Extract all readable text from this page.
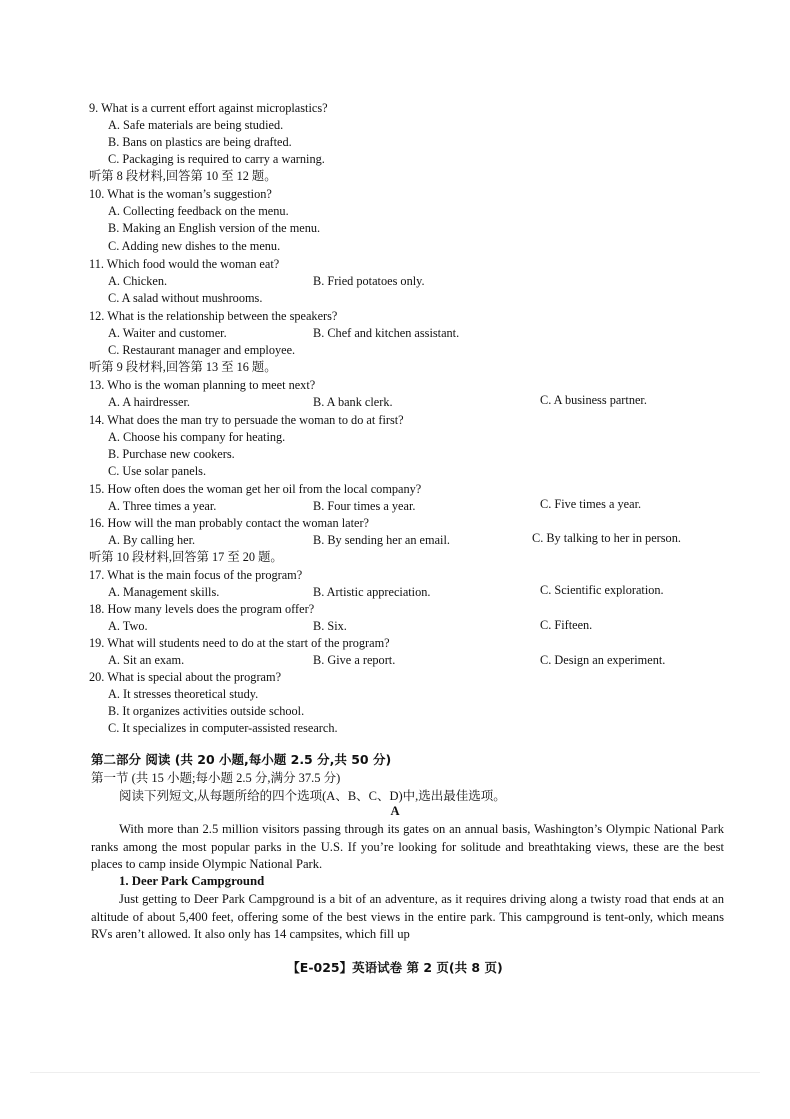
9. What is a current effort against microplastics?
A. Safe materials are being studied.
B. Bans on plastics are being drafted.
C. Packaging is required to carry a warning.
听第 8 段材料,回答第 10 至 12 题。
10. What is the woman’s suggestion?
A. Collecting feedback on the menu.
B. Making an English version of the menu.
C. Adding new dishes to the menu.
11. Which food would the woman eat?
A. Chicken.	B. Fried potatoes only.
C. A salad without mushrooms.
12. What is the relationship between the speakers?
A. Waiter and customer.	B. Chef and kitchen assistant.
C. Restaurant manager and employee.
听第 9 段材料,回答第 13 至 16 题。
13. Who is the woman planning to meet next?
A. A hairdresser.	B. A bank clerk.	C. A business partner.
14. What does the man try to persuade the woman to do at first?
A. Choose his company for heating.
B. Purchase new cookers.
C. Use solar panels.
15. How often does the woman get her oil from the local company?
A. Three times a year.	B. Four times a year.	C. Five times a year.
16. How will the man probably contact the woman later?
A. By calling her.	B. By sending her an email.	C. By talking to her in person.
听第 10 段材料,回答第 17 至 20 题。
17. What is the main focus of the program?
A. Management skills.	B. Artistic appreciation.	C. Scientific exploration.
18. How many levels does the program offer?
A. Two.	B. Six.	C. Fifteen.
19. What will students need to do at the start of the program?
A. Sit an exam.	B. Give a report.	C. Design an experiment.
20. What is special about the program?
A. It stresses theoretical study.
B. It organizes activities outside school.
C. It specializes in computer-assisted research.
第二部分 阅读 (共 20 小题,每小题 2.5 分,共 50 分)
第一节 (共 15 小题;每小题 2.5 分,满分 37.5 分)
阅读下列短文,从每题所给的四个选项(A、B、C、D)中,选出最佳选项。
A
With more than 2.5 million visitors passing through its gates on an annual basis, Washington’s Olympic National Park ranks among the most popular parks in the U.S. If you’re looking for solitude and breathtaking views, these are the best places to camp inside Olympic National Park.
1. Deer Park Campground
Just getting to Deer Park Campground is a bit of an adventure, as it requires driving along a twisty road that ends at an altitude of about 5,400 feet, offering some of the best views in the entire park. This campground is tent-only, which means RVs aren’t allowed. It also only has 14 campsites, which fill up
【E-025】英语试卷 第 2 页(共 8 页)
